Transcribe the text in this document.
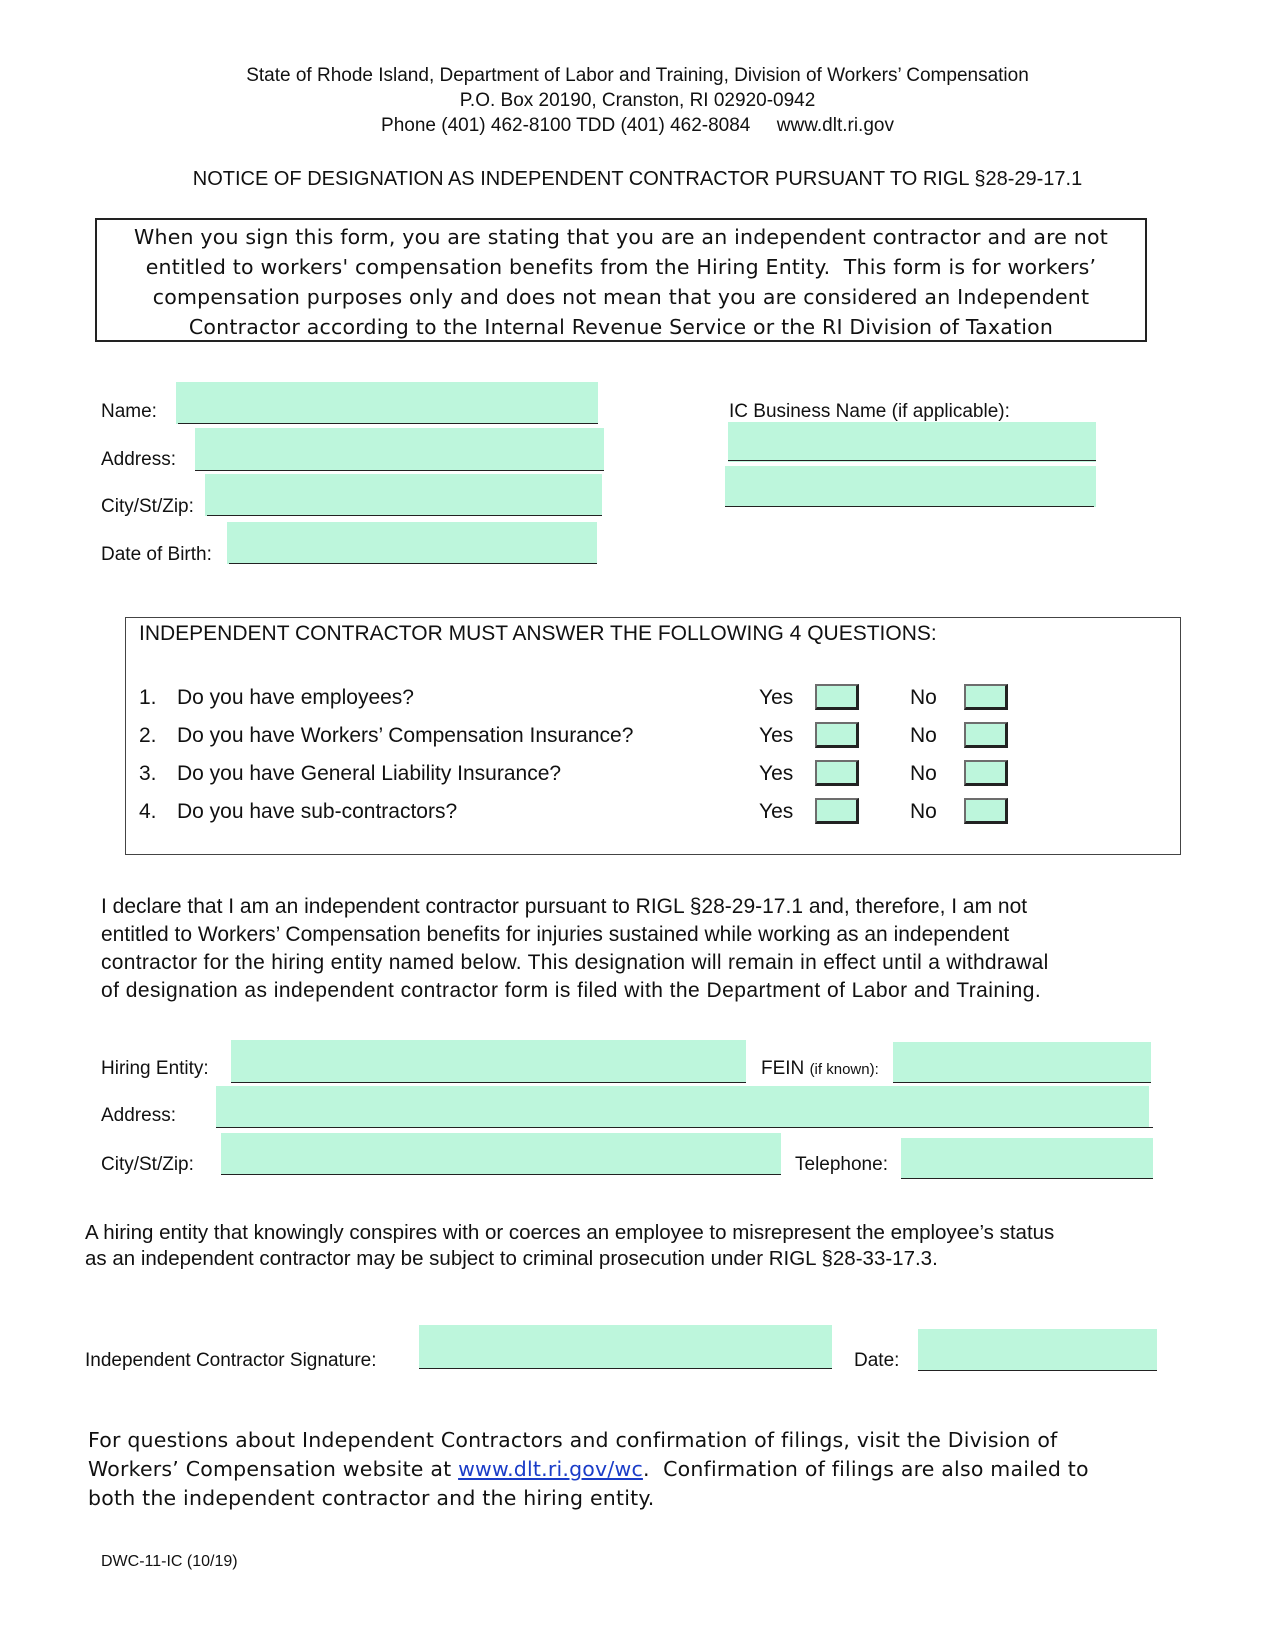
State of Rhode Island, Department of Labor and Training, Division of Workers’ Compensation
P.O. Box 20190, Cranston, RI 02920-0942
Phone (401) 462-8100 TDD (401) 462-8084     www.dlt.ri.gov
NOTICE OF DESIGNATION AS INDEPENDENT CONTRACTOR PURSUANT TO RIGL §28-29-17.1
When you sign this form, you are stating that you are an independent contractor and are not
entitled to workers' compensation benefits from the Hiring Entity.  This form is for workers’
compensation purposes only and does not mean that you are considered an Independent
Contractor according to the Internal Revenue Service or the RI Division of Taxation
Name:
Address:
City/St/Zip:
Date of Birth:
IC Business Name (if applicable):
INDEPENDENT CONTRACTOR MUST ANSWER THE FOLLOWING 4 QUESTIONS:
1. Do you have employees?	Yes	No
2. Do you have Workers’ Compensation Insurance?	Yes	No
3. Do you have General Liability Insurance?	Yes	No
4. Do you have sub-contractors?	Yes	No
I declare that I am an independent contractor pursuant to RIGL §28-29-17.1 and, therefore, I am not
entitled to Workers’ Compensation benefits for injuries sustained while working as an independent
contractor for the hiring entity named below. This designation will remain in effect until a withdrawal
of designation as independent contractor form is filed with the Department of Labor and Training.
Hiring Entity:	FEIN (if known):
Address:
City/St/Zip:	Telephone:
A hiring entity that knowingly conspires with or coerces an employee to misrepresent the employee’s status
as an independent contractor may be subject to criminal prosecution under RIGL §28-33-17.3.
Independent Contractor Signature:	Date:
For questions about Independent Contractors and confirmation of filings, visit the Division of
Workers’ Compensation website at www.dlt.ri.gov/wc.  Confirmation of filings are also mailed to
both the independent contractor and the hiring entity.
DWC-11-IC (10/19)
